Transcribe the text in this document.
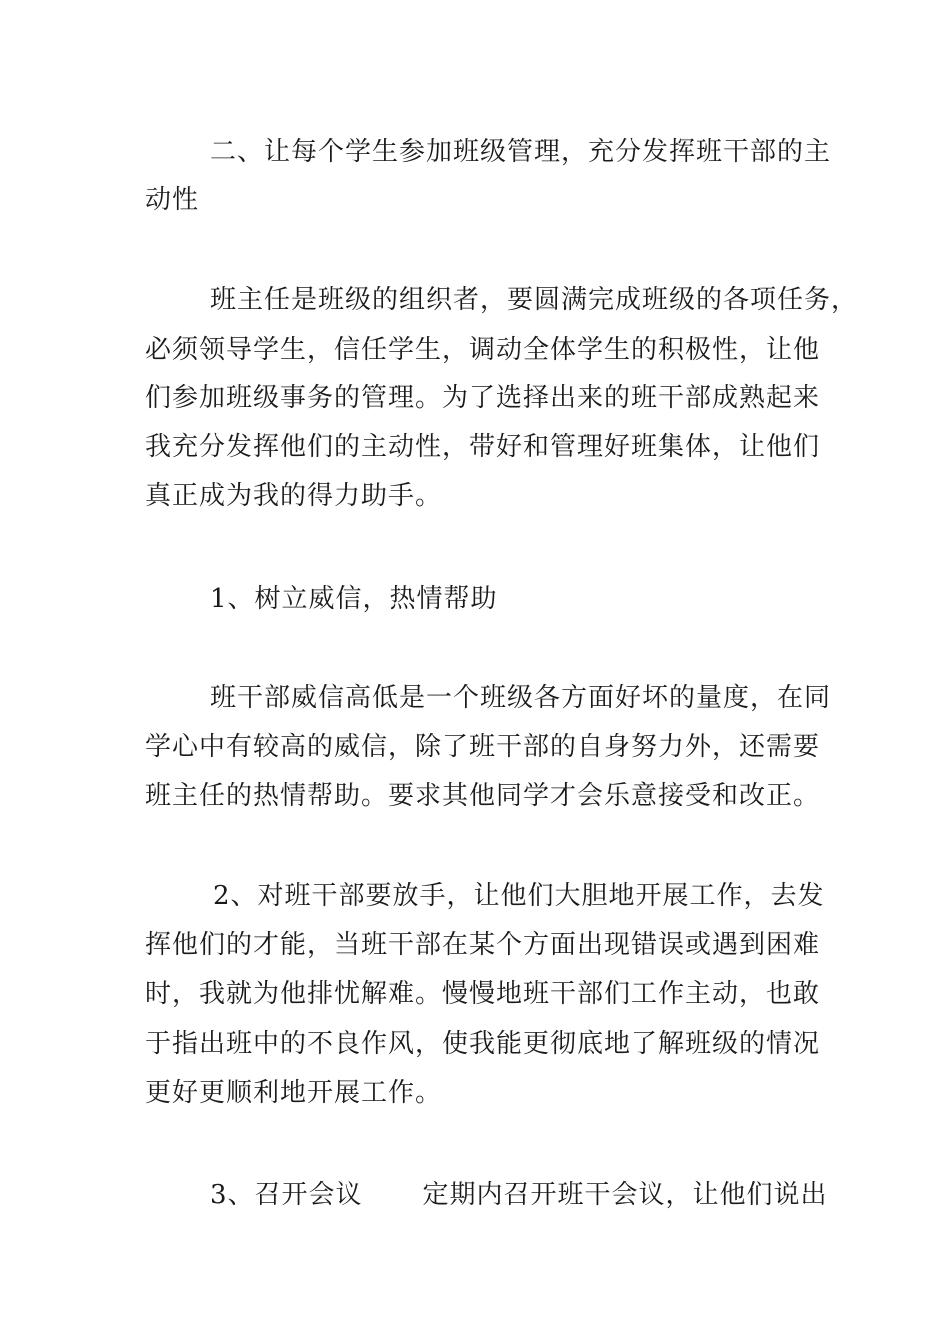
二、让每个学生参加班级管理，充分发挥班干部的主
动性
班主任是班级的组织者，要圆满完成班级的各项任务，
必须领导学生，信任学生，调动全体学生的积极性，让他
们参加班级事务的管理。为了选择出来的班干部成熟起来
我充分发挥他们的主动性，带好和管理好班集体，让他们
真正成为我的得力助手。
1、树立威信，热情帮助
班干部威信高低是一个班级各方面好坏的量度，在同
学心中有较高的威信，除了班干部的自身努力外，还需要
班主任的热情帮助。要求其他同学才会乐意接受和改正。
2、对班干部要放手，让他们大胆地开展工作，去发
挥他们的才能，当班干部在某个方面出现错误或遇到困难
时，我就为他排忧解难。慢慢地班干部们工作主动，也敢
于指出班中的不良作风，使我能更彻底地了解班级的情况
更好更顺利地开展工作。
3、召开会议 定期内召开班干会议，让他们说出
